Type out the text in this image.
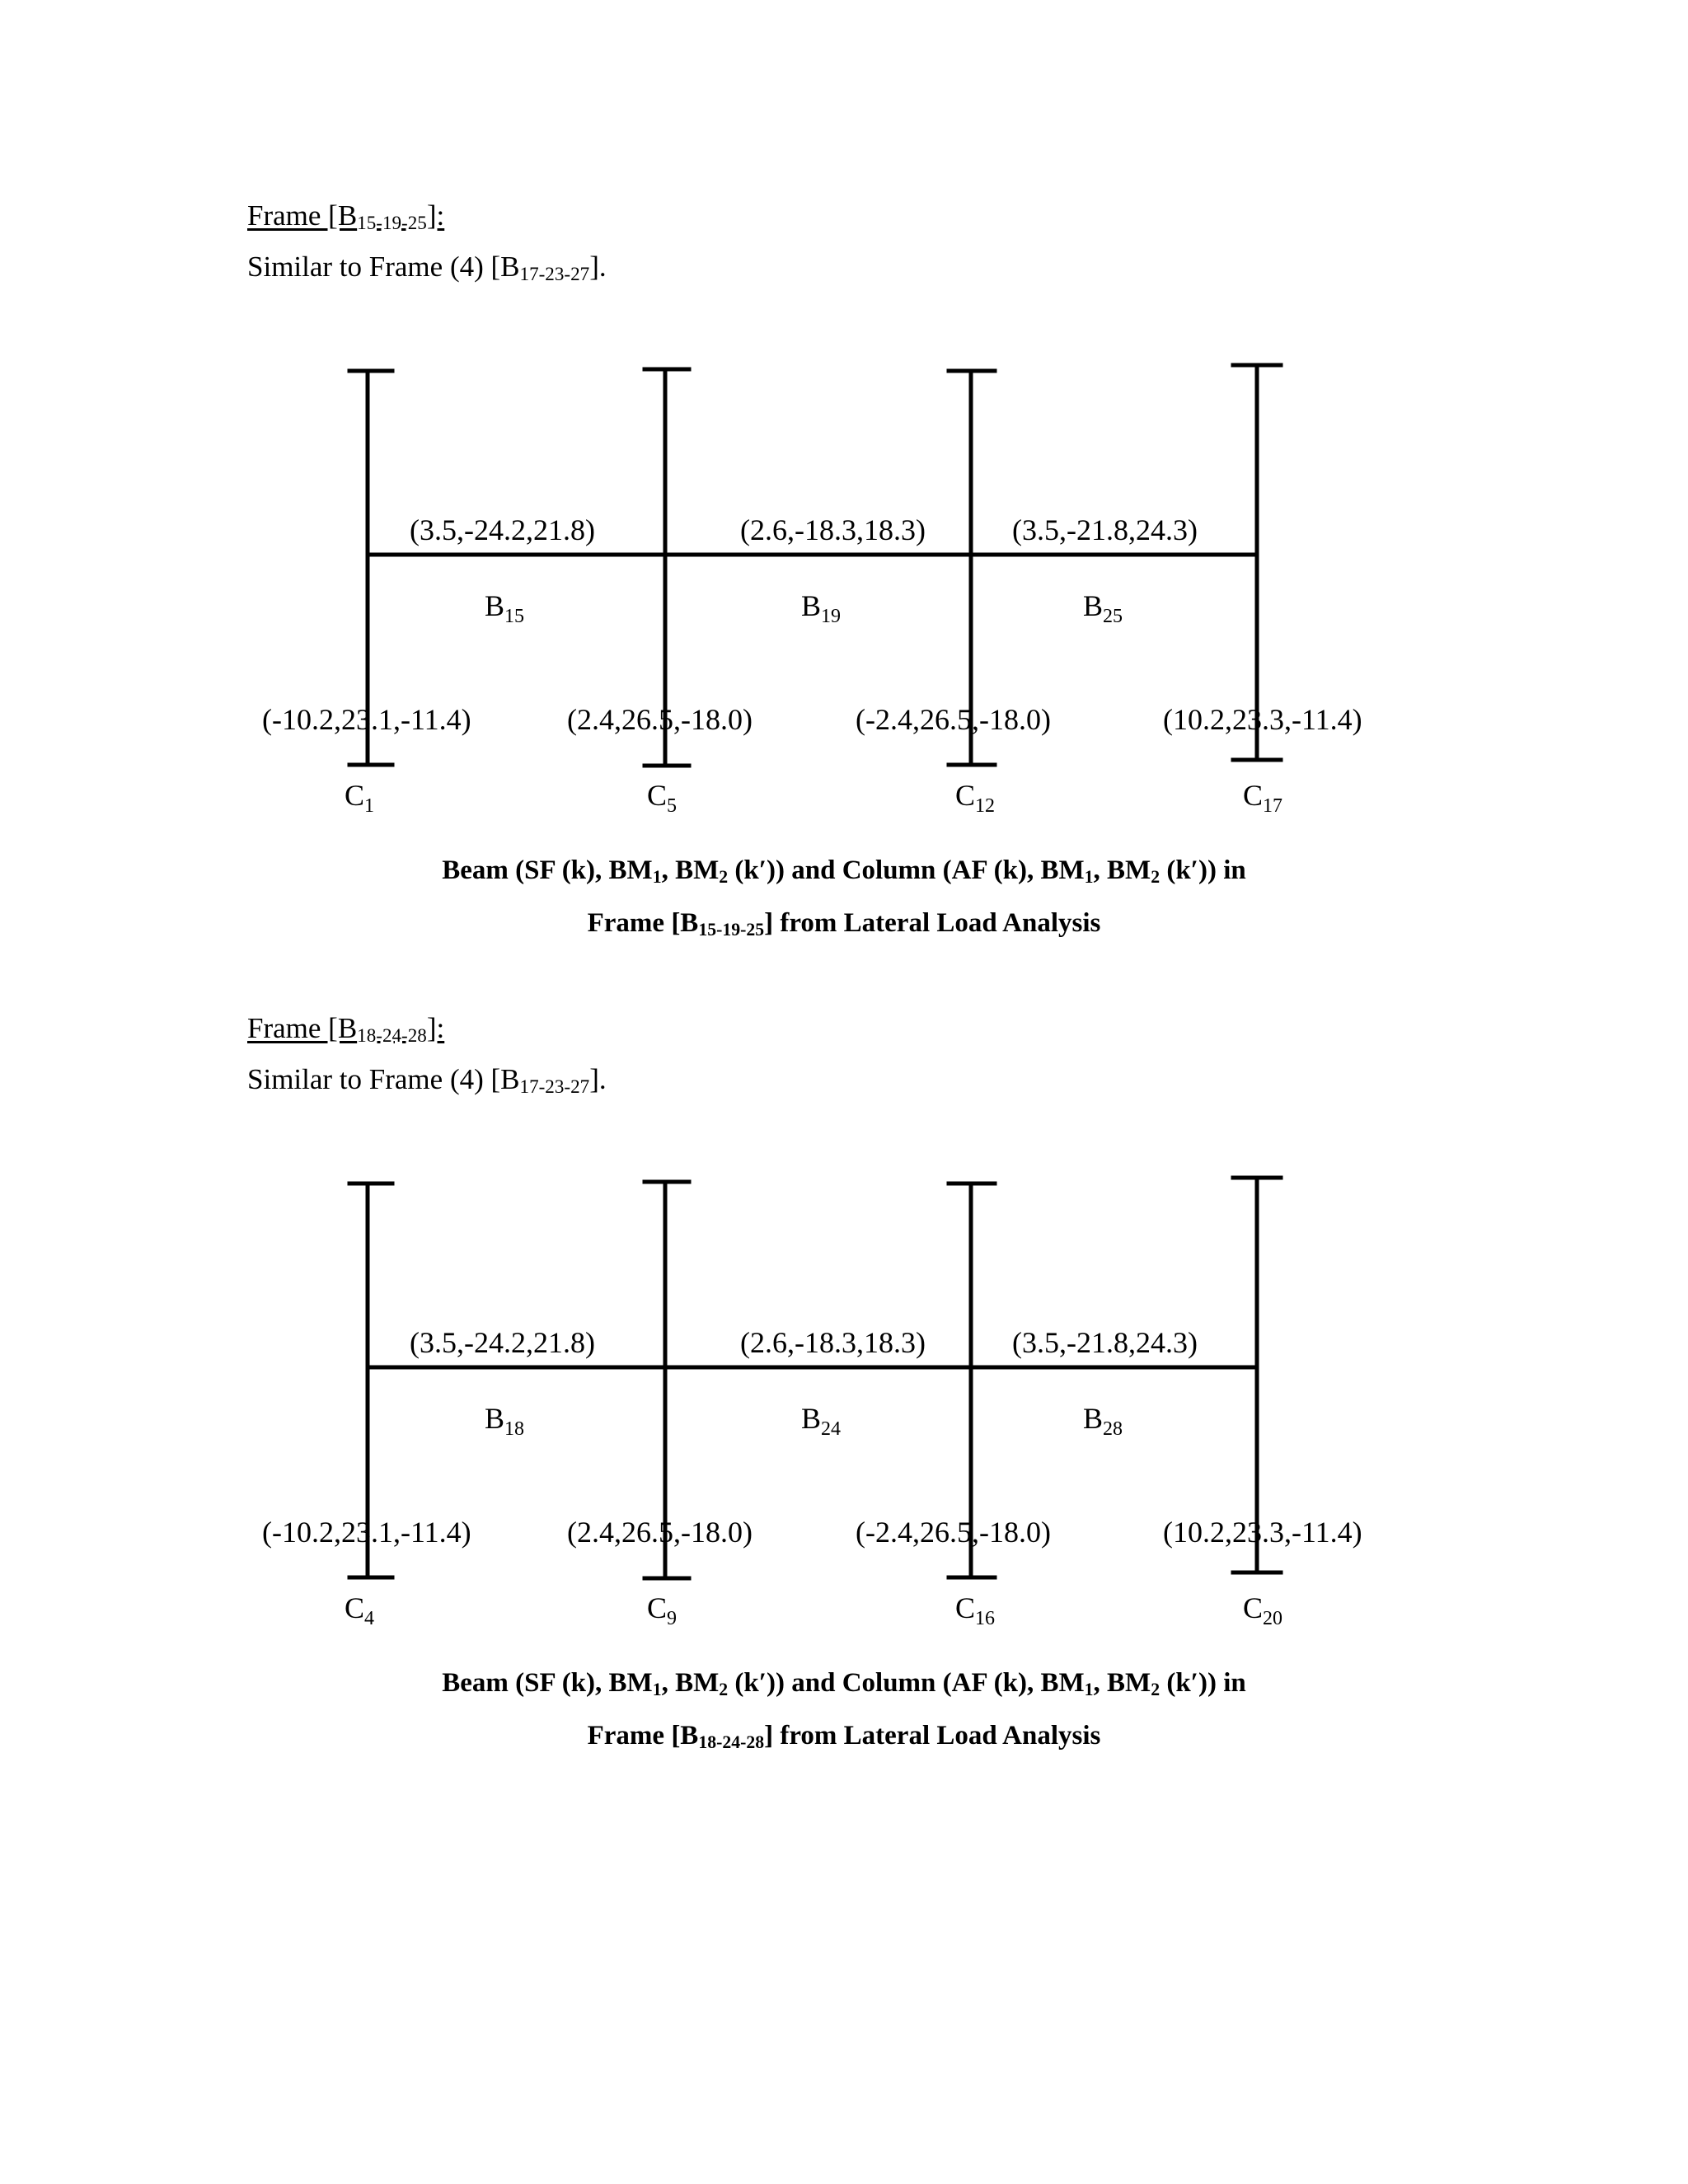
Frame $[B_{15-19-25}]$:
Similar to Frame (4) $[B_{17-23-27}]$.
(3.5,-24.2,21.8)	(2.6,-18.3,18.3)	(3.5,-21.8,24.3)
$B_{15}$	$B_{19}$	$B_{25}$
(-10.2,23.1,-11.4)	(2.4,26.5,-18.0)	(-2.4,26.5,-18.0)	(10.2,23.3,-11.4)
$C_1$	$C_5$	$C_{12}$	$C_{17}$
Beam (SF (k), $BM_1$, $BM_2$ (k′)) and Column (AF (k), $BM_1$, $BM_2$ (k′)) in
Frame $[B_{15-19-25}]$ from Lateral Load Analysis
Frame $[B_{18-24-28}]$:
Similar to Frame (4) $[B_{17-23-27}]$.
(3.5,-24.2,21.8)	(2.6,-18.3,18.3)	(3.5,-21.8,24.3)
$B_{18}$	$B_{24}$	$B_{28}$
(-10.2,23.1,-11.4)	(2.4,26.5,-18.0)	(-2.4,26.5,-18.0)	(10.2,23.3,-11.4)
$C_4$	$C_9$	$C_{16}$	$C_{20}$
Beam (SF (k), $BM_1$, $BM_2$ (k′)) and Column (AF (k), $BM_1$, $BM_2$ (k′)) in
Frame $[B_{18-24-28}]$ from Lateral Load Analysis
